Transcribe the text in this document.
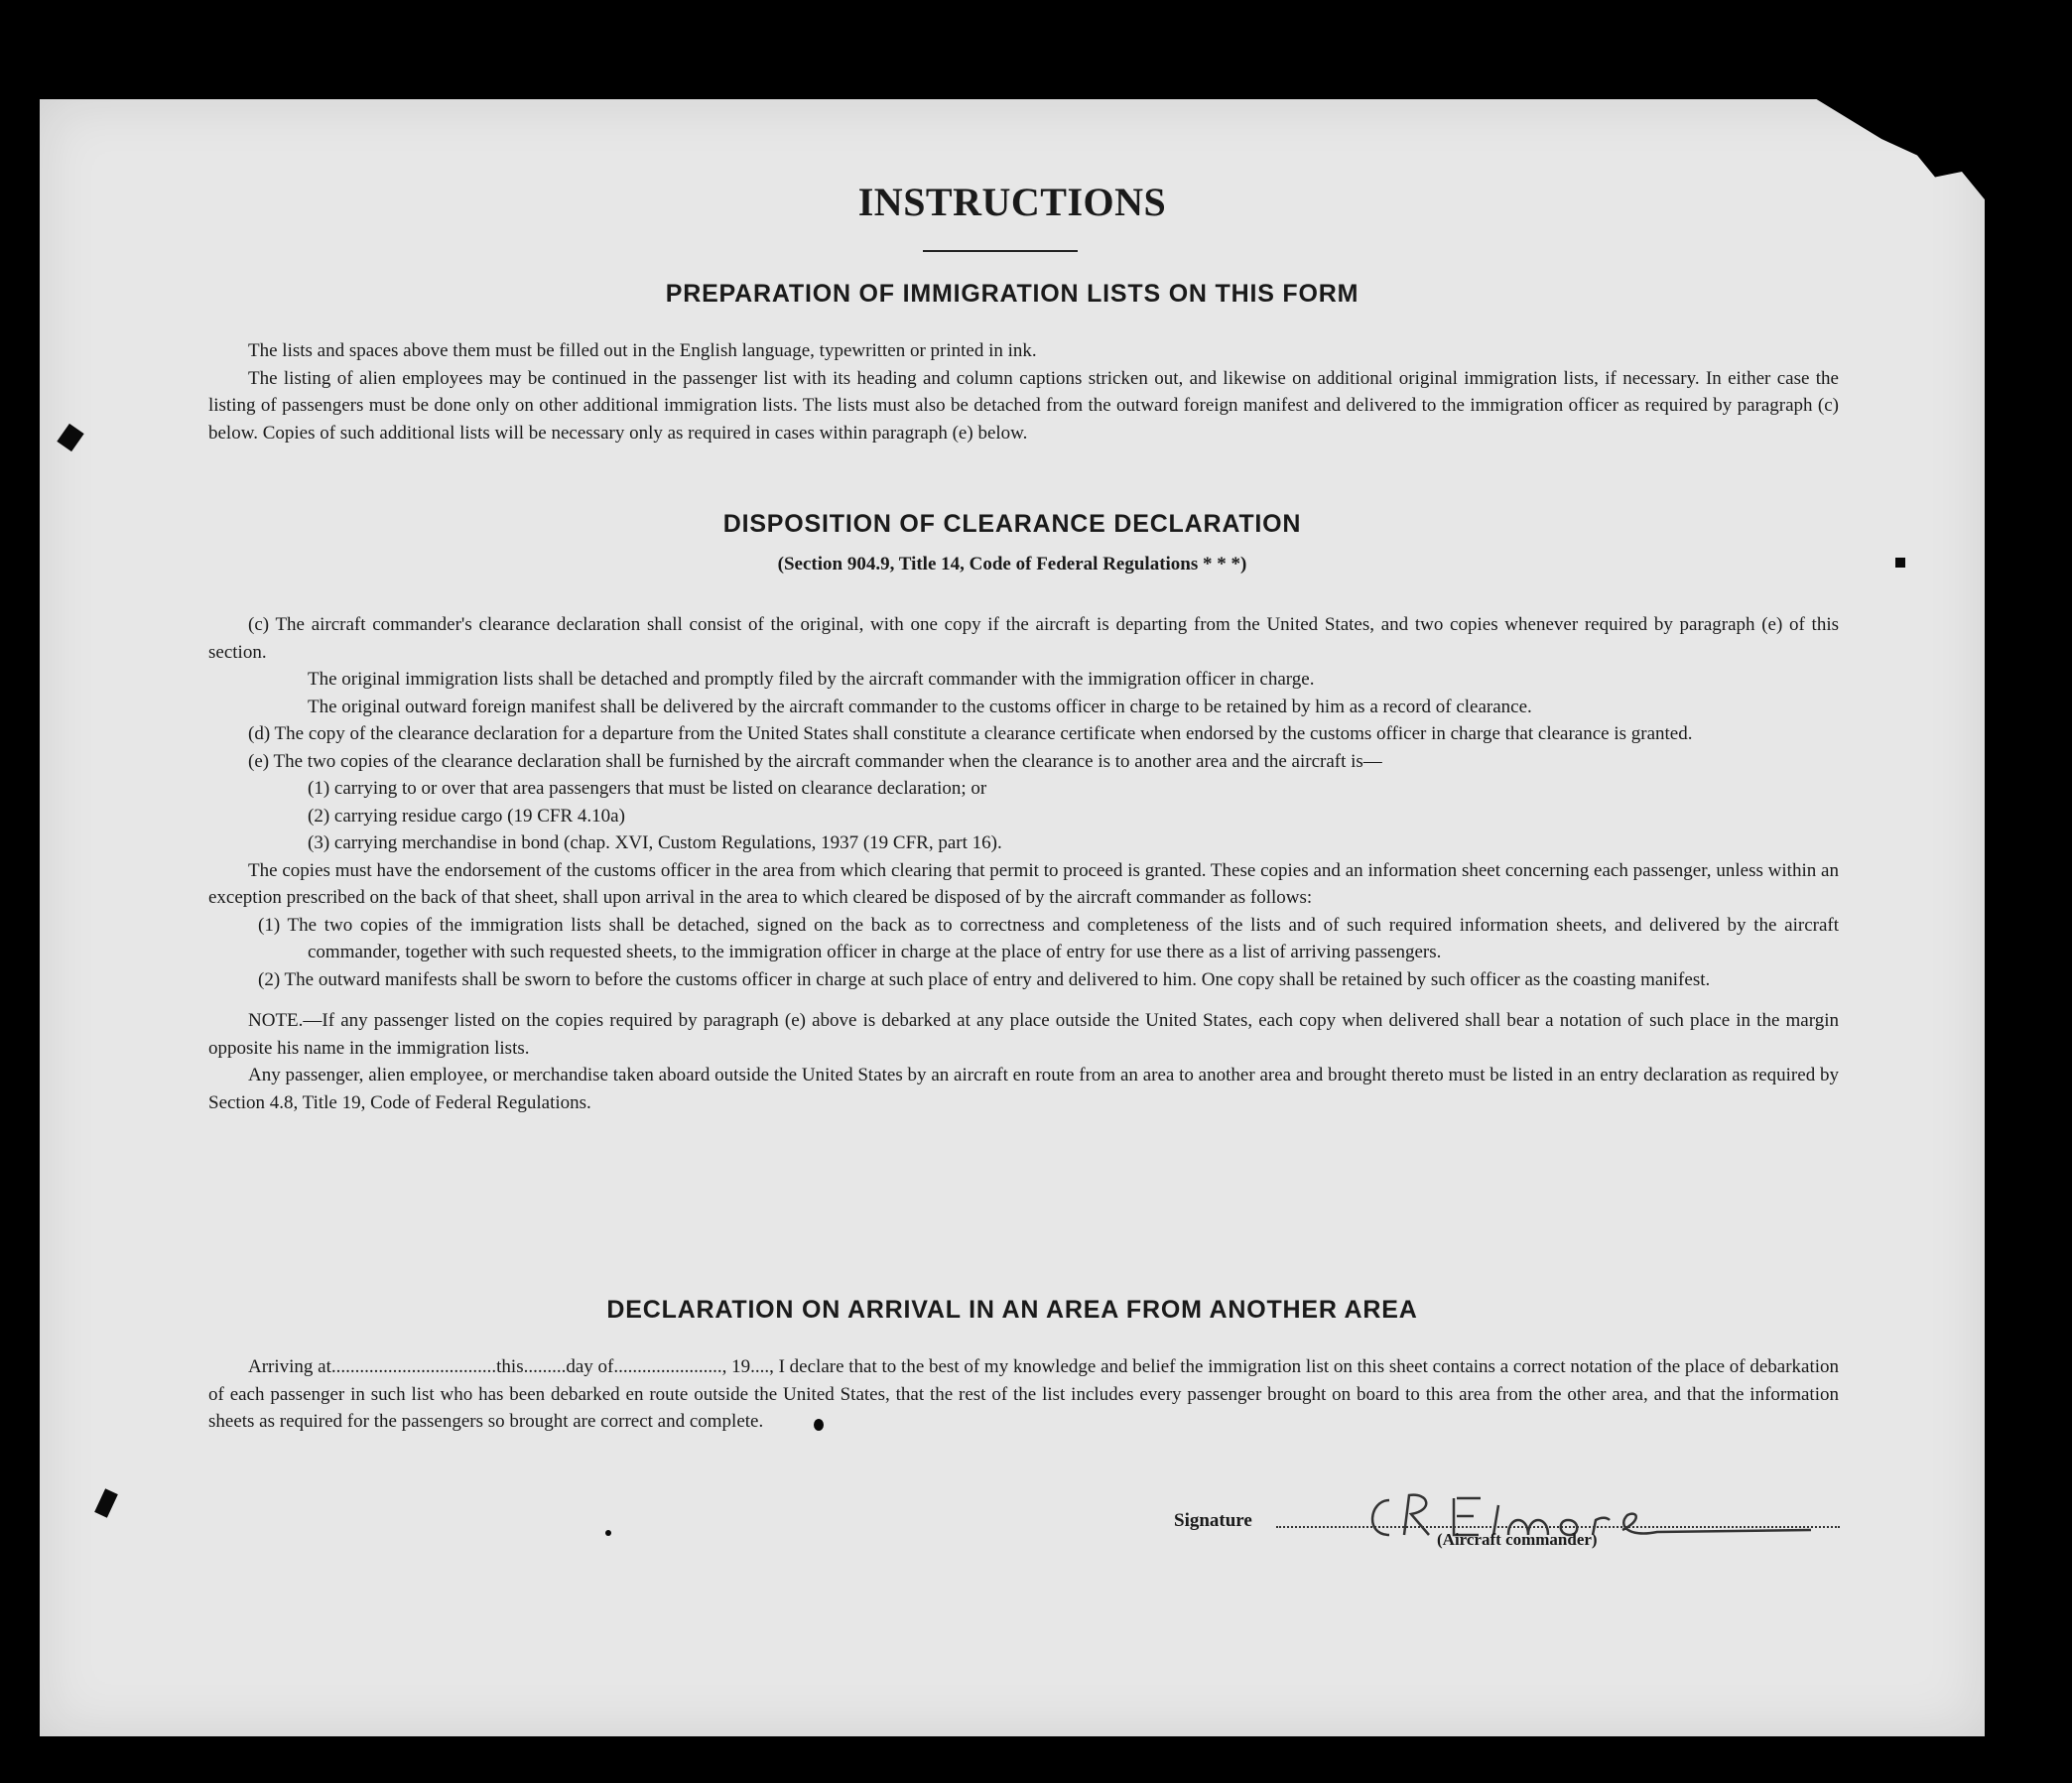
INSTRUCTIONS
PREPARATION OF IMMIGRATION LISTS ON THIS FORM

The lists and spaces above them must be filled out in the English language, typewritten or printed in ink.

The listing of alien employees may be continued in the passenger list with its heading and column captions stricken out, and likewise on additional original immigration lists, if necessary. In either case the listing of passengers must be done only on other additional immigration lists. The lists must also be detached from the outward foreign manifest and delivered to the immigration officer as required by paragraph (c) below. Copies of such additional lists will be necessary only as required in cases within paragraph (e) below.

DISPOSITION OF CLEARANCE DECLARATION
(Section 904.9, Title 14, Code of Federal Regulations * * *)

(c) The aircraft commander's clearance declaration shall consist of the original, with one copy if the aircraft is departing from the United States, and two copies whenever required by paragraph (e) of this section.

The original immigration lists shall be detached and promptly filed by the aircraft commander with the immigration officer in charge.

The original outward foreign manifest shall be delivered by the aircraft commander to the customs officer in charge to be retained by him as a record of clearance.

(d) The copy of the clearance declaration for a departure from the United States shall constitute a clearance certificate when endorsed by the customs officer in charge that clearance is granted.

(e) The two copies of the clearance declaration shall be furnished by the aircraft commander when the clearance is to another area and the aircraft is—

(1) carrying to or over that area passengers that must be listed on clearance declaration; or

(2) carrying residue cargo (19 CFR 4.10a)

(3) carrying merchandise in bond (chap. XVI, Custom Regulations, 1937 (19 CFR, part 16).

The copies must have the endorsement of the customs officer in the area from which clearing that permit to proceed is granted. These copies and an information sheet concerning each passenger, unless within an exception prescribed on the back of that sheet, shall upon arrival in the area to which cleared be disposed of by the aircraft commander as follows:

(1) The two copies of the immigration lists shall be detached, signed on the back as to correctness and completeness of the lists and of such required information sheets, and delivered by the aircraft commander, together with such requested sheets, to the immigration officer in charge at the place of entry for use there as a list of arriving passengers.

(2) The outward manifests shall be sworn to before the customs officer in charge at such place of entry and delivered to him. One copy shall be retained by such officer as the coasting manifest.

NOTE.—If any passenger listed on the copies required by paragraph (e) above is debarked at any place outside the United States, each copy when delivered shall bear a notation of such place in the margin opposite his name in the immigration lists.

Any passenger, alien employee, or merchandise taken aboard outside the United States by an aircraft en route from an area to another area and brought thereto must be listed in an entry declaration as required by Section 4.8, Title 19, Code of Federal Regulations.

DECLARATION ON ARRIVAL IN AN AREA FROM ANOTHER AREA

Arriving at...................................this.........day of......................., 19...., I declare that to the best of my knowledge and belief the immigration list on this sheet contains a correct notation of the place of debarkation of each passenger in such list who has been debarked en route outside the United States, that the rest of the list includes every passenger brought on board to this area from the other area, and that the information sheets as required for the passengers so brought are correct and complete.

Signature
(Aircraft commander)
